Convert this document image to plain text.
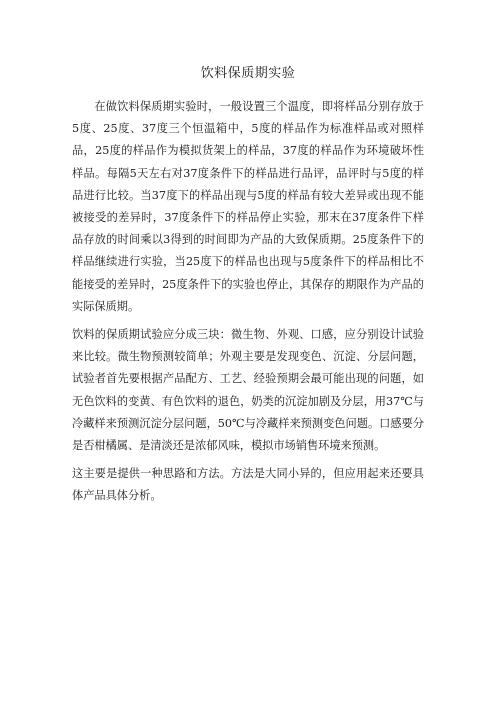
饮料保质期实验

在做饮料保质期实验时，一般设置三个温度，即将样品分别存放于5度、25度、37度三个恒温箱中，5度的样品作为标准样品或对照样品，25度的样品作为模拟货架上的样品，37度的样品作为环境破坏性样品。每隔5天左右对37度条件下的样品进行品评，品评时与5度的样品进行比较。当37度下的样品出现与5度的样品有较大差异或出现不能被接受的差异时，37度条件下的样品停止实验，那末在37度条件下样品存放的时间乘以3得到的时间即为产品的大致保质期。25度条件下的样品继续进行实验，当25度下的样品也出现与5度条件下的样品相比不能接受的差异时，25度条件下的实验也停止，其保存的期限作为产品的实际保质期。

饮料的保质期试验应分成三块：微生物、外观、口感，应分别设计试验来比较。微生物预测较简单；外观主要是发现变色、沉淀、分层问题，试验者首先要根据产品配方、工艺、经验预期会最可能出现的问题，如无色饮料的变黄、有色饮料的退色，奶类的沉淀加剧及分层，用37℃与冷藏样来预测沉淀分层问题，50℃与冷藏样来预测变色问题。口感要分是否柑橘属、是清淡还是浓郁风味，模拟市场销售环境来预测。

这主要是提供一种思路和方法。方法是大同小异的，但应用起来还要具体产品具体分析。
